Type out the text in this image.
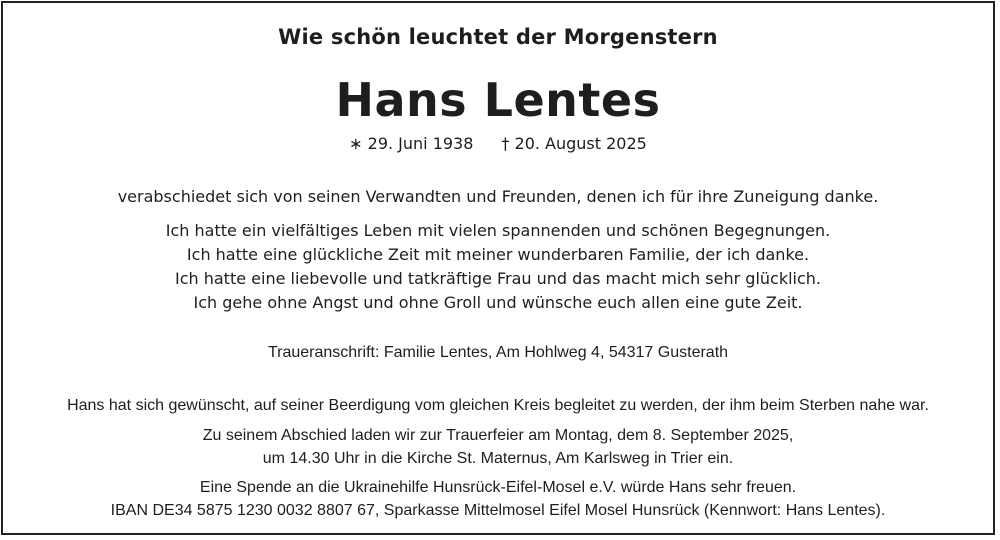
Wie schön leuchtet der Morgenstern
Hans Lentes
∗ 29. Juni 1938 † 20. August 2025
verabschiedet sich von seinen Verwandten und Freunden, denen ich für ihre Zuneigung danke.
Ich hatte ein vielfältiges Leben mit vielen spannenden und schönen Begegnungen.
Ich hatte eine glückliche Zeit mit meiner wunderbaren Familie, der ich danke.
Ich hatte eine liebevolle und tatkräftige Frau und das macht mich sehr glücklich.
Ich gehe ohne Angst und ohne Groll und wünsche euch allen eine gute Zeit.
Traueranschrift: Familie Lentes, Am Hohlweg 4, 54317 Gusterath
Hans hat sich gewünscht, auf seiner Beerdigung vom gleichen Kreis begleitet zu werden, der ihm beim Sterben nahe war.
Zu seinem Abschied laden wir zur Trauerfeier am Montag, dem 8. September 2025,
um 14.30 Uhr in die Kirche St. Maternus, Am Karlsweg in Trier ein.
Eine Spende an die Ukrainehilfe Hunsrück-Eifel-Mosel e.V. würde Hans sehr freuen.
IBAN DE34 5875 1230 0032 8807 67, Sparkasse Mittelmosel Eifel Mosel Hunsrück (Kennwort: Hans Lentes).
